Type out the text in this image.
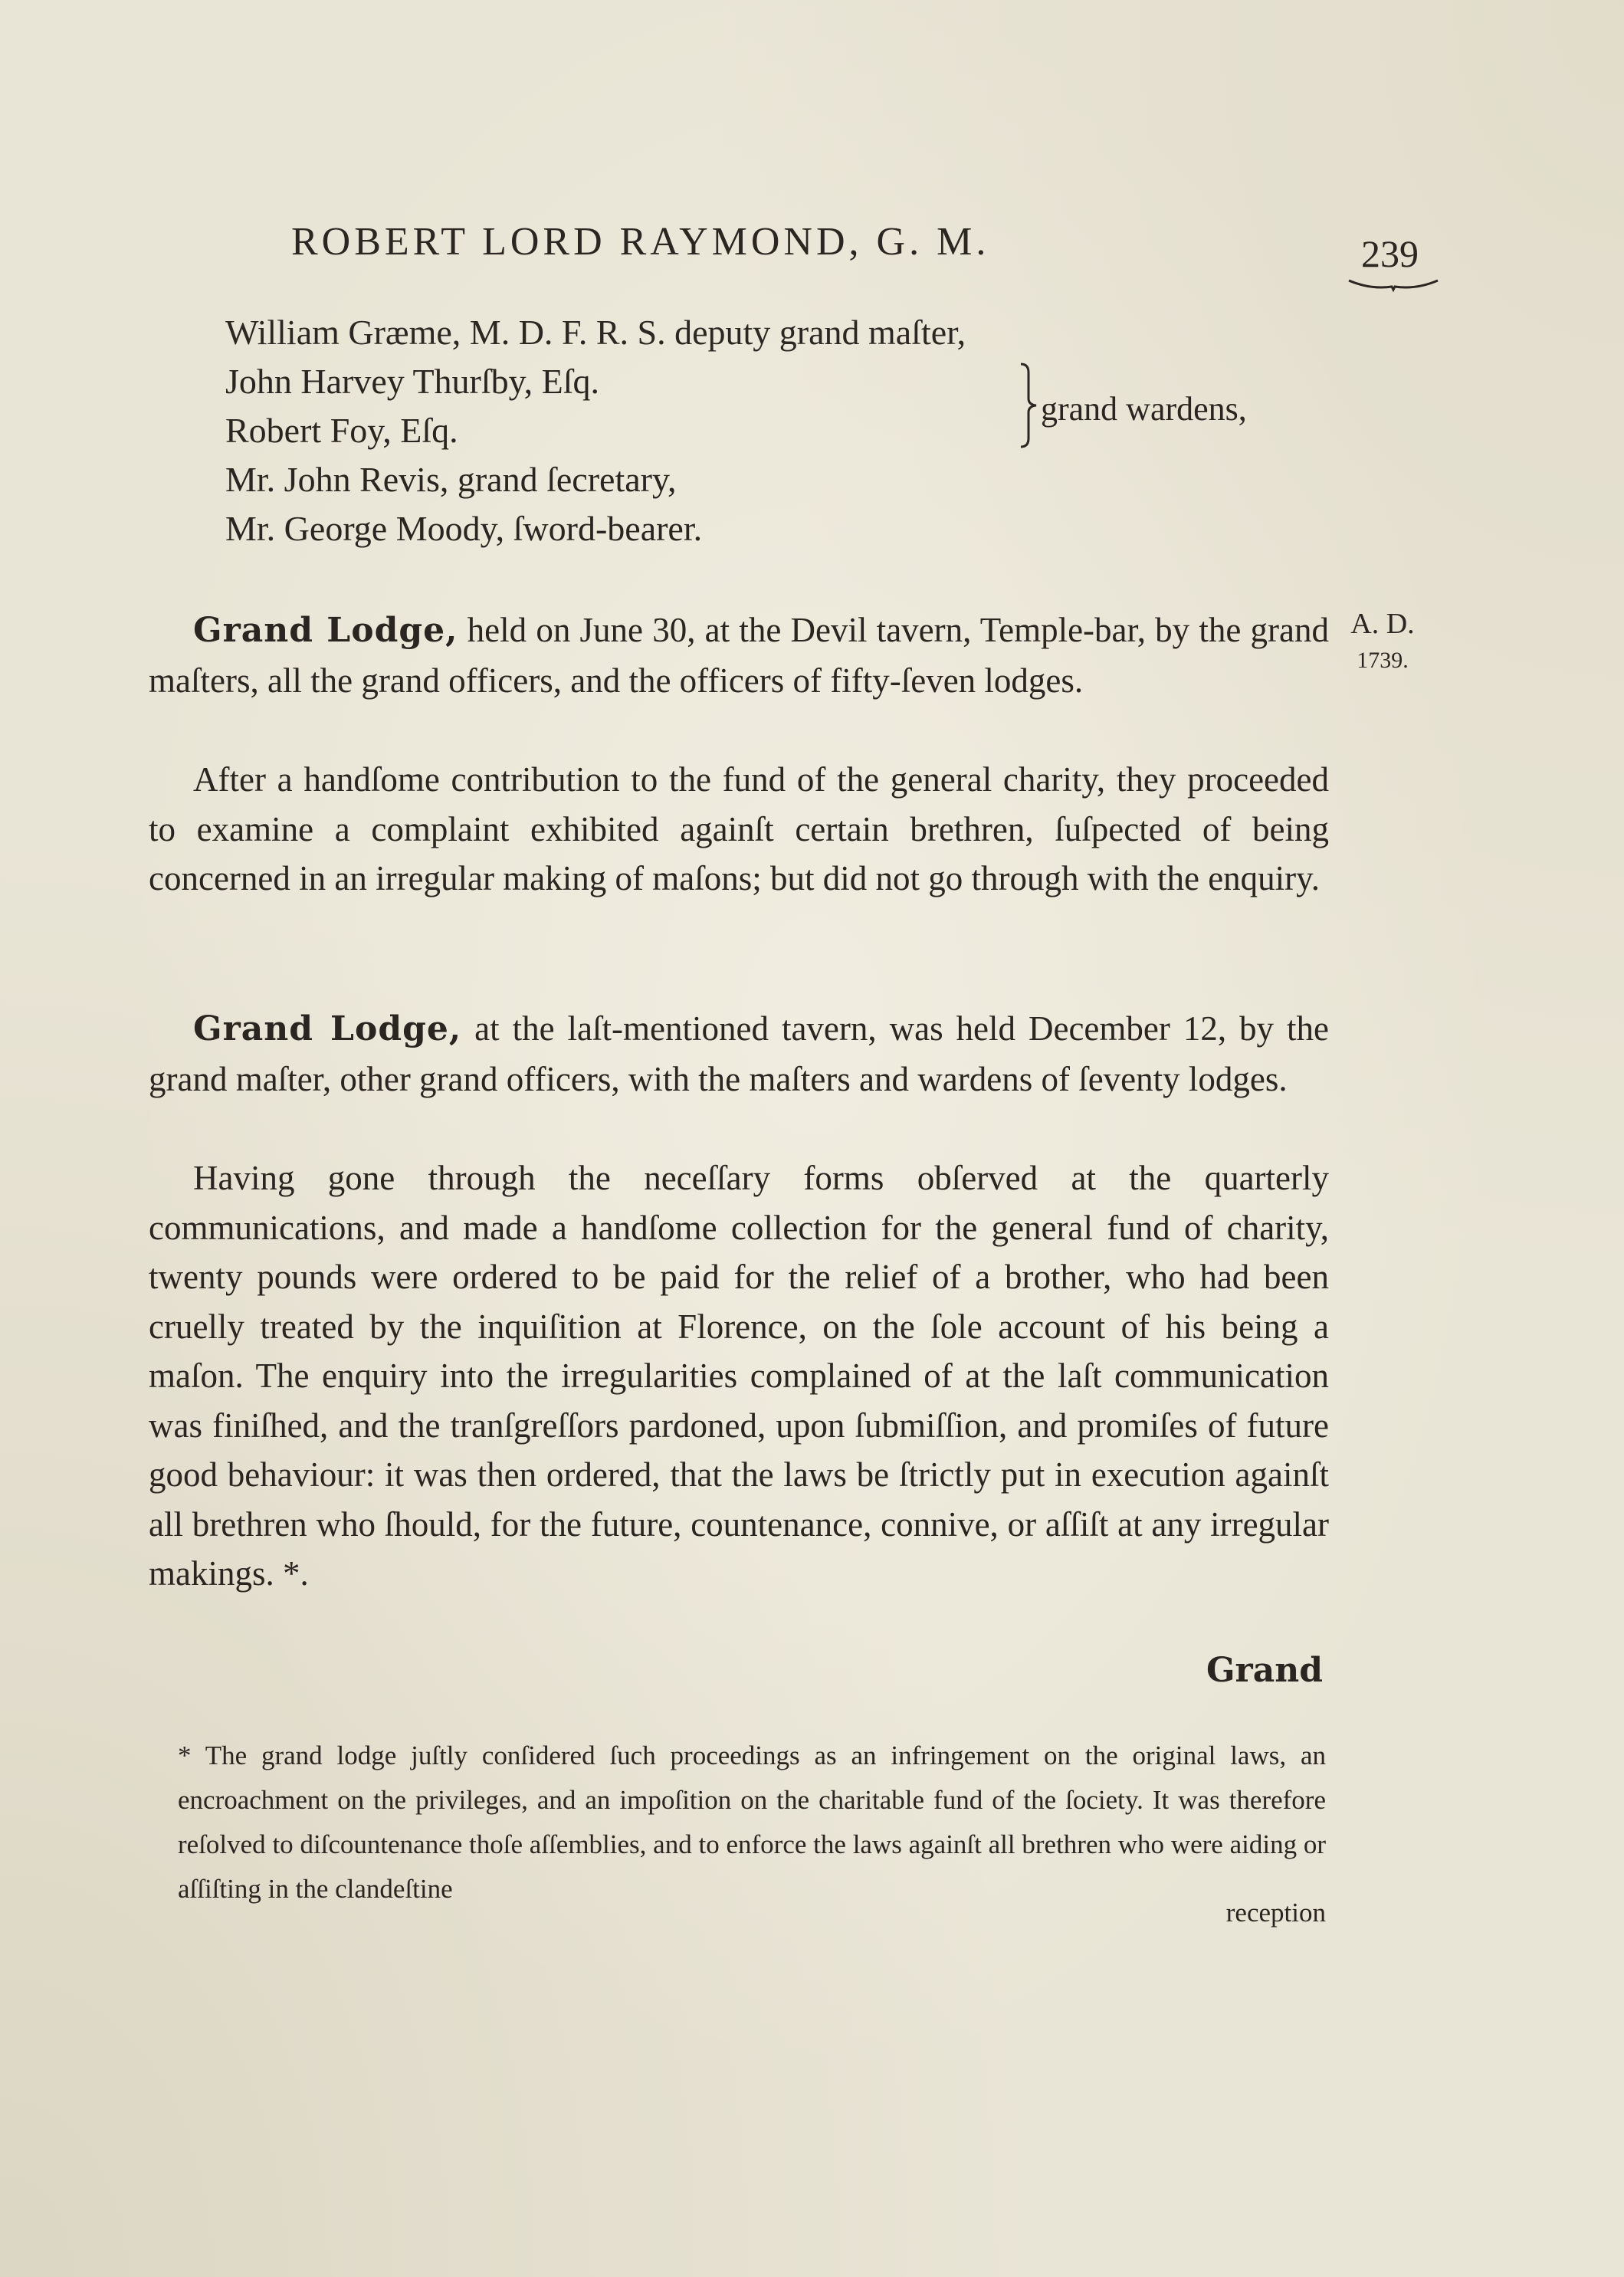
ROBERT LORD RAYMOND, G. M.	239
William Græme, M. D. F. R. S. deputy grand maſter,
John Harvey Thurſby, Eſq.
Robert Foy, Eſq.
grand wardens,
Mr. John Revis, grand ſecretary,
Mr. George Moody, ſword-bearer.
Grand Lodge, held on June 30, at the Devil tavern, Temple-bar, by the grand maſters, all the grand officers, and the officers of fifty-ſeven lodges.
A. D.
1739.
After a handſome contribution to the fund of the general charity, they proceeded to examine a complaint exhibited againſt certain brethren, ſuſpected of being concerned in an irregular making of maſons; but did not go through with the enquiry.
Grand Lodge, at the laſt-mentioned tavern, was held December 12, by the grand maſter, other grand officers, with the maſters and wardens of ſeventy lodges.
Having gone through the neceſſary forms obſerved at the quarterly communications, and made a handſome collection for the general fund of charity, twenty pounds were ordered to be paid for the relief of a brother, who had been cruelly treated by the inquiſition at Florence, on the ſole account of his being a maſon. The enquiry into the irregularities complained of at the laſt communication was finiſhed, and the tranſgreſſors pardoned, upon ſubmiſſion, and promiſes of future good behaviour: it was then ordered, that the laws be ſtrictly put in execution againſt all brethren who ſhould, for the future, countenance, connive, or aſſiſt at any irregular makings. *.
Grand
* The grand lodge juſtly conſidered ſuch proceedings as an infringement on the original laws, an encroachment on the privileges, and an impoſition on the charitable fund of the ſociety. It was therefore reſolved to diſcountenance thoſe aſſemblies, and to enforce the laws againſt all brethren who were aiding or aſſiſting in the clandeſtine
reception
